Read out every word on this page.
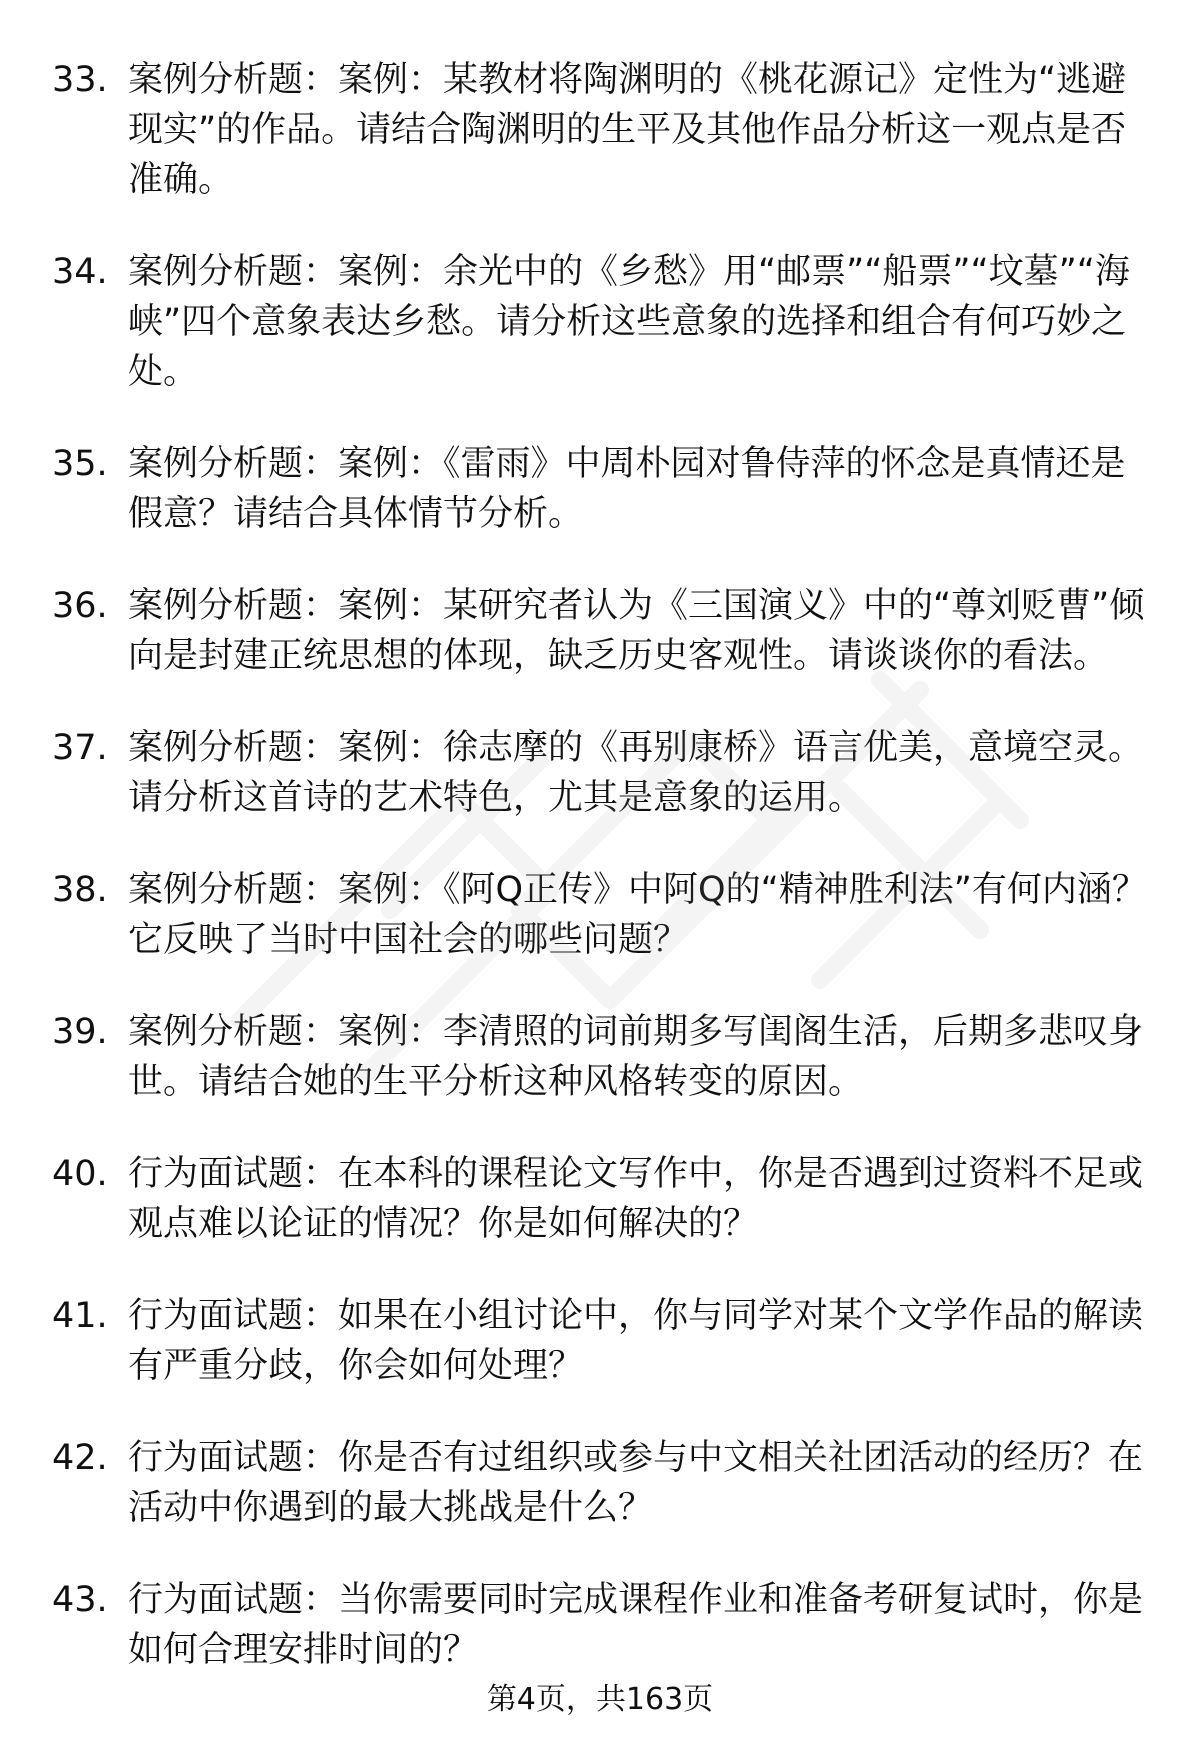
33. 案例分析题：案例：某教材将陶渊明的《桃花源记》定性为“逃避现实”的作品。请结合陶渊明的生平及其他作品分析这一观点是否准确。
34. 案例分析题：案例：余光中的《乡愁》用“邮票”“船票”“坟墓”“海峡”四个意象表达乡愁。请分析这些意象的选择和组合有何巧妙之处。
35. 案例分析题：案例：《雷雨》中周朴园对鲁侍萍的怀念是真情还是假意？请结合具体情节分析。
36. 案例分析题：案例：某研究者认为《三国演义》中的“尊刘贬曹”倾向是封建正统思想的体现，缺乏历史客观性。请谈谈你的看法。
37. 案例分析题：案例：徐志摩的《再别康桥》语言优美，意境空灵。请分析这首诗的艺术特色，尤其是意象的运用。
38. 案例分析题：案例：《阿Q正传》中阿Q的“精神胜利法”有何内涵？它反映了当时中国社会的哪些问题？
39. 案例分析题：案例：李清照的词前期多写闺阁生活，后期多悲叹身世。请结合她的生平分析这种风格转变的原因。
40. 行为面试题：在本科的课程论文写作中，你是否遇到过资料不足或观点难以论证的情况？你是如何解决的？
41. 行为面试题：如果在小组讨论中，你与同学对某个文学作品的解读有严重分歧，你会如何处理？
42. 行为面试题：你是否有过组织或参与中文相关社团活动的经历？在活动中你遇到的最大挑战是什么？
43. 行为面试题：当你需要同时完成课程作业和准备考研复试时，你是如何合理安排时间的？
第4页，共163页
